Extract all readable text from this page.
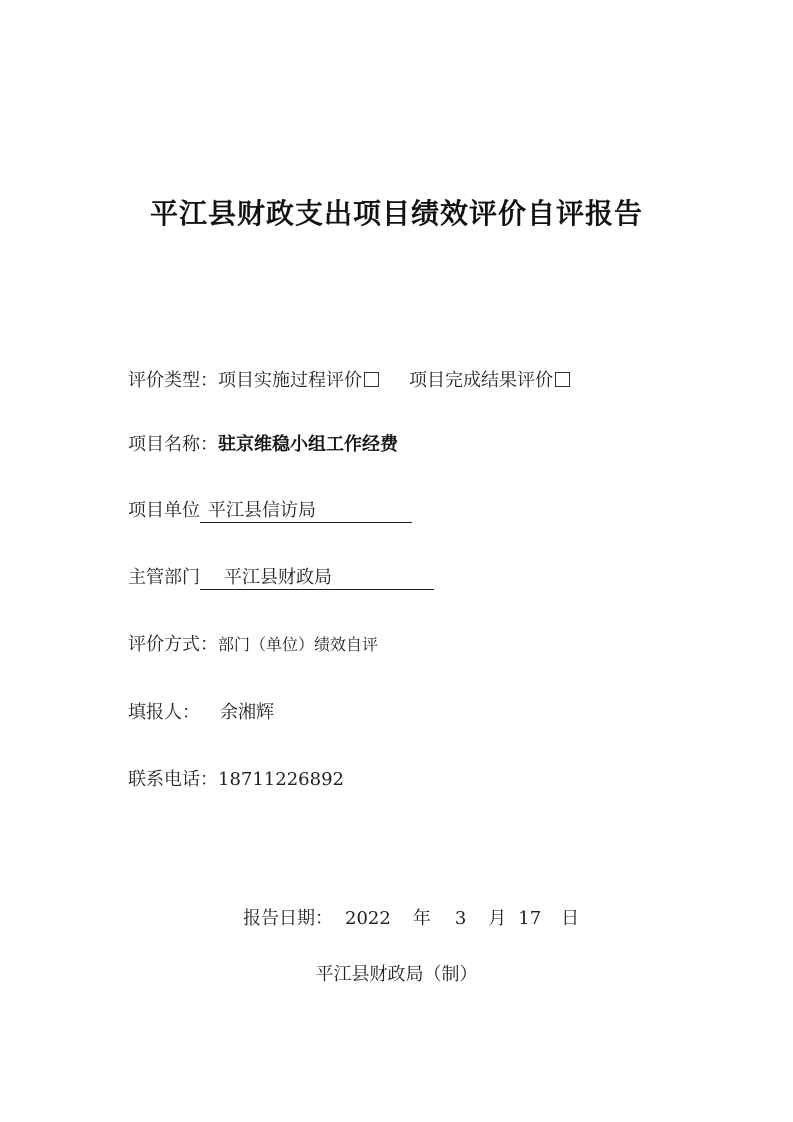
平江县财政支出项目绩效评价自评报告
评价类型：项目实施过程评价	项目完成结果评价
项目名称：驻京维稳小组工作经费
项目单位 平江县信访局
主管部门 平江县财政局
评价方式：部门（单位）绩效自评
填报人： 余湘辉
联系电话：18711226892
报告日期： 2022 年 3 月 17 日
平江县财政局（制）
